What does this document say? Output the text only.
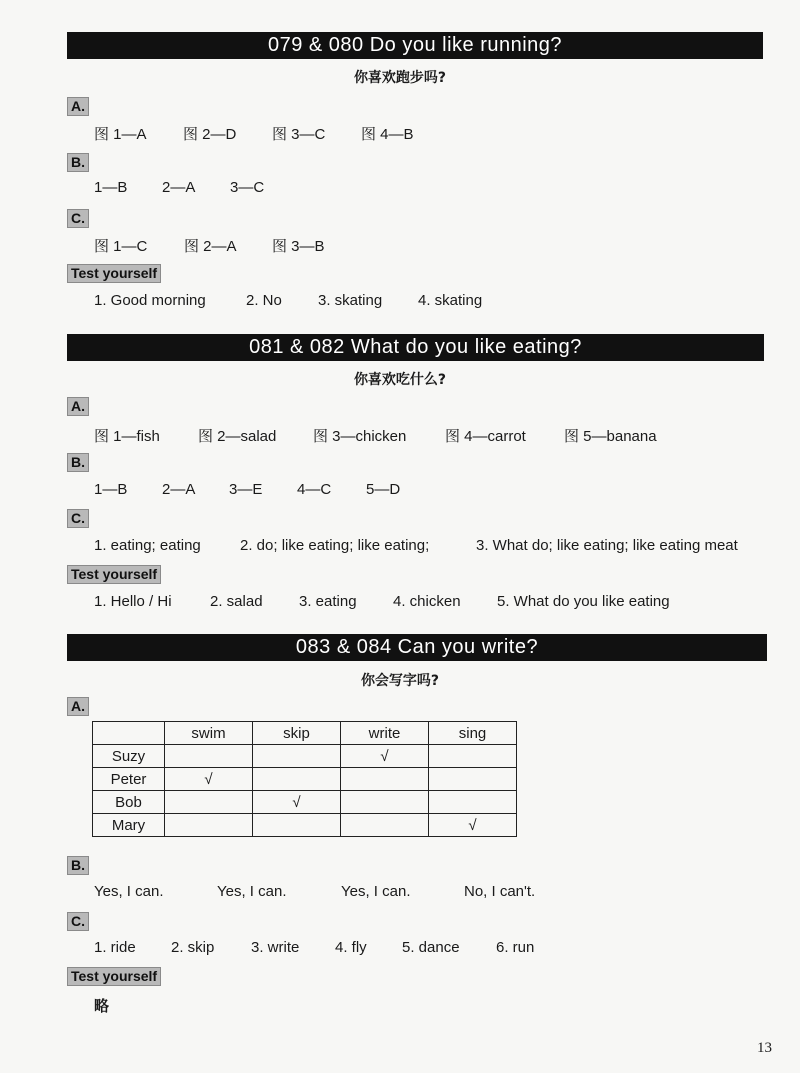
079 & 080 Do you like running?
你喜欢跑步吗?
A.
图 1—A 图 2—D 图 3—C 图 4—B
B.
1—B 2—A 3—C
C.
图 1—C 图 2—A 图 3—B
Test yourself
1. Good morning	2. No 3. skating 4. skating
081 & 082 What do you like eating?
你喜欢吃什么?
A.
图 1—fish	图 2—salad 图 3—chicken	图 4—carrot	图 5—banana
B.
1—B 2—A 3—E 4—C 5—D
C.
1. eating; eating	2. do; like eating; like eating;	3. What do; like eating; like eating meat
Test yourself
1. Hello / Hi	2. salad 3. eating 4. chicken 5. What do you like eating
083 & 084 Can you write?
你会写字吗?
A.
	swim	skip	write	sing
Suzy			√	
Peter	√			
Bob		√		
Mary				√
B.
Yes, I can.	Yes, I can.	Yes, I can.	No, I can't.
C.
1. ride 2. skip 3. write 4. fly 5. dance 6. run
Test yourself
略
13
